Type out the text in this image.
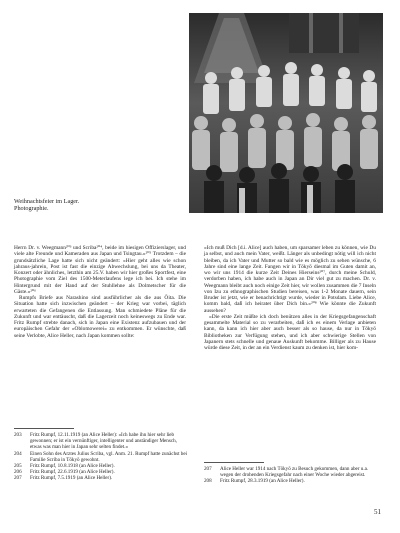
Weihnachtsfeier im Lager.
Photographie.

Herrn Dr. v. Weegmann²⁰³ und Scriba²⁰⁴, beide im hiesigen Offizierslager, und viele alte Freunde und Kameraden aus Japan und Tsingtau.»²⁰⁵ Trotzdem – die grundsätzliche Lage hatte sich nicht geändert: «Hier geht alles wie schon jahraus-jahrein, Post ist fast die einzige Abwechslung, bei uns da Theater, Konzert oder ähnliches, letzthin am 25.V. haben wir hier großes Sportfest, eine Photographie vom Ziel des 1500-Meterlaufens lege ich bei. Ich stehe im Hintergrund mit der Hand auf der Stuhllehne als Dolmetscher für die Gäste.»²⁰⁶

Rumpfs Briefe aus Narashino sind ausführlicher als die aus Ōita. Die Situation hatte sich inzwischen geändert – der Krieg war vorbei, täglich erwarteten die Gefangenen die Entlassung. Man schmiedete Pläne für die Zukunft und war enttäuscht, daß die Lagerzeit noch keineswegs zu Ende war. Fritz Rumpf strebte danach, sich in Japan eine Existenz aufzubauen und der europäischen Gefahr der «Oblomowerei» zu entkommen. Er wünschte, daß seine Verlobte, Alice Heller, nach Japan kommen sollte:

«Ich muß Dich [d.i. Alice] auch haben, um sparsamer leben zu können, wie Du ja selbst, und auch mein Vater, weißt. Länger als unbedingt nötig will ich nicht bleiben, da ich Vater und Mutter so bald wie es möglich zu sehen wünsche, 6 Jahre sind eine lange Zeit. Fangen wir in Tōkyō diesmal im Guten damit an, wo wir uns 1914 die kurze Zeit Deines Hierseins²⁰⁷, durch meine Schuld, verdorben haben, ich habe auch in Japan an Dir viel gut zu machen. Dr. v. Weegmann bleibt auch noch einige Zeit hier, wir wollen zusammen die 7 Inseln von Izu zu ethnographischen Studien bereisen, was 1-2 Monate dauern, sein Bruder ist jetzt, wie er benachrichtigt wurde, wieder in Potsdam. Liebe Alice, komm bald, daß ich heiratet über Dich bin.»²⁰⁸ Wie könnte die Zukunft aussehen?

«Die erste Zeit müßte ich doch benützen alles in der Kriegsgefangenschaft gesammelte Material so zu verarbeiten, daß ich es einem Verlage anbieten kann, da kann ich hier aber auch besser als so hause, da nur in Tōkyō Bibliotheken zur Verfügung stehen, und ich aber schwierige Stellen von Japanern stets schnelle und genaue Auskunft bekomme. Billiger als zu Hause würde diese Zeit, in der an ein Verdienst kaum zu denken ist, hier kom-

203	Fritz Rumpf, 12.11.1919 (an Alice Heller): «Ich habe ihn hier sehr lieb gewonnen; er ist ein vernünftiger, intelligenter und anständiger Mensch, etwas was man hier in Japan sehr selten findet.»
204	Einen Sohn des Arztes Julius Scriba, vgl. Anm. 21. Rumpf hatte zunächst bei Familie Scriba in Tōkyō gewohnt.
205	Fritz Rumpf, 10.8.1918 (an Alice Heller).
206	Fritz Rumpf, 22.6.1919 (an Alice Heller).
207	Fritz Rumpf, 7.5.1919 (an Alice Heller).
207	Alice Heller war 1914 nach Tōkyō zu Besuch gekommen, dann aber u.a. wegen der drohenden Kriegsgefahr nach einer Woche wieder abgereist.
208	Fritz Rumpf, 28.3.1919 (an Alice Heller).
51
